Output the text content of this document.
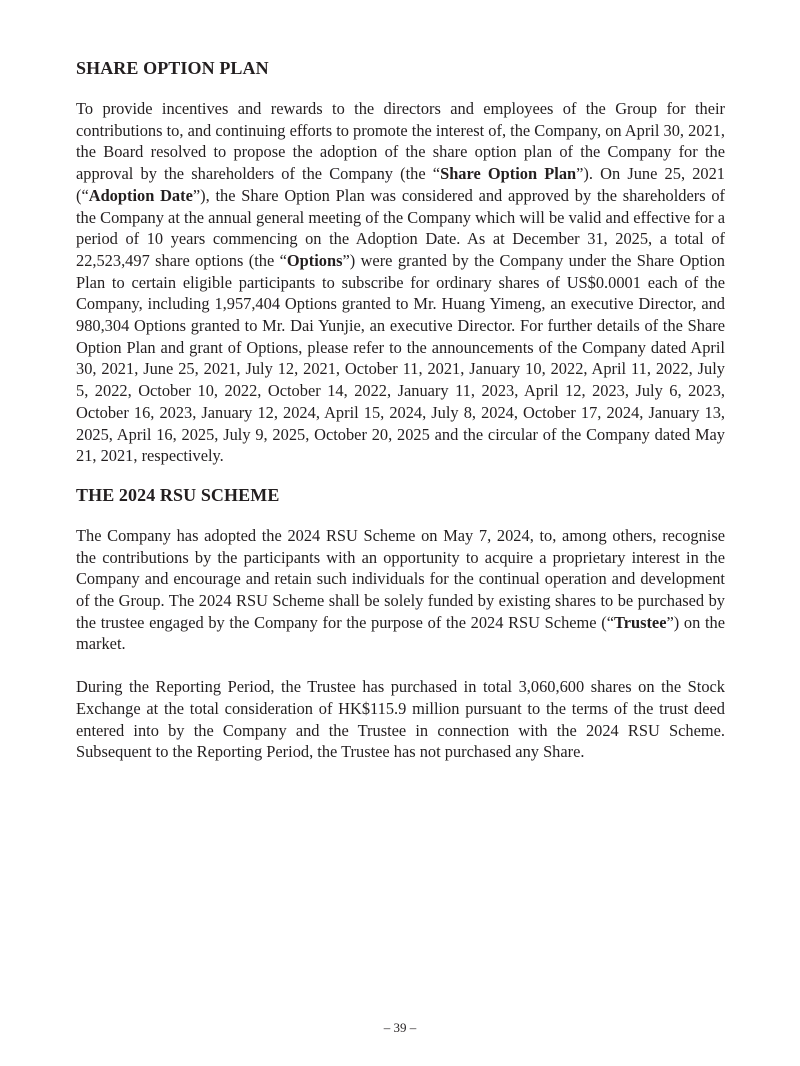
SHARE OPTION PLAN

To provide incentives and rewards to the directors and employees of the Group for their contributions to, and continuing efforts to promote the interest of, the Company, on April 30, 2021, the Board resolved to propose the adoption of the share option plan of the Company for the approval by the shareholders of the Company (the “Share Option Plan”). On June 25, 2021 (“Adoption Date”), the Share Option Plan was considered and approved by the shareholders of the Company at the annual general meeting of the Company which will be valid and effective for a period of 10 years commencing on the Adoption Date. As at December 31, 2025, a total of 22,523,497 share options (the “Options”) were granted by the Company under the Share Option Plan to certain eligible participants to subscribe for ordinary shares of US$0.0001 each of the Company, including 1,957,404 Options granted to Mr. Huang Yimeng, an executive Director, and 980,304 Options granted to Mr. Dai Yunjie, an executive Director. For further details of the Share Option Plan and grant of Options, please refer to the announcements of the Company dated April 30, 2021, June 25, 2021, July 12, 2021, October 11, 2021, January 10, 2022, April 11, 2022, July 5, 2022, October 10, 2022, October 14, 2022, January 11, 2023, April 12, 2023, July 6, 2023, October 16, 2023, January 12, 2024, April 15, 2024, July 8, 2024, October 17, 2024, January 13, 2025, April 16, 2025, July 9, 2025, October 20, 2025 and the circular of the Company dated May 21, 2021, respectively.

THE 2024 RSU SCHEME

The Company has adopted the 2024 RSU Scheme on May 7, 2024, to, among others, recognise the contributions by the participants with an opportunity to acquire a proprietary interest in the Company and encourage and retain such individuals for the continual operation and development of the Group. The 2024 RSU Scheme shall be solely funded by existing shares to be purchased by the trustee engaged by the Company for the purpose of the 2024 RSU Scheme (“Trustee”) on the market.

During the Reporting Period, the Trustee has purchased in total 3,060,600 shares on the Stock Exchange at the total consideration of HK$115.9 million pursuant to the terms of the trust deed entered into by the Company and the Trustee in connection with the 2024 RSU Scheme. Subsequent to the Reporting Period, the Trustee has not purchased any Share.

– 39 –
